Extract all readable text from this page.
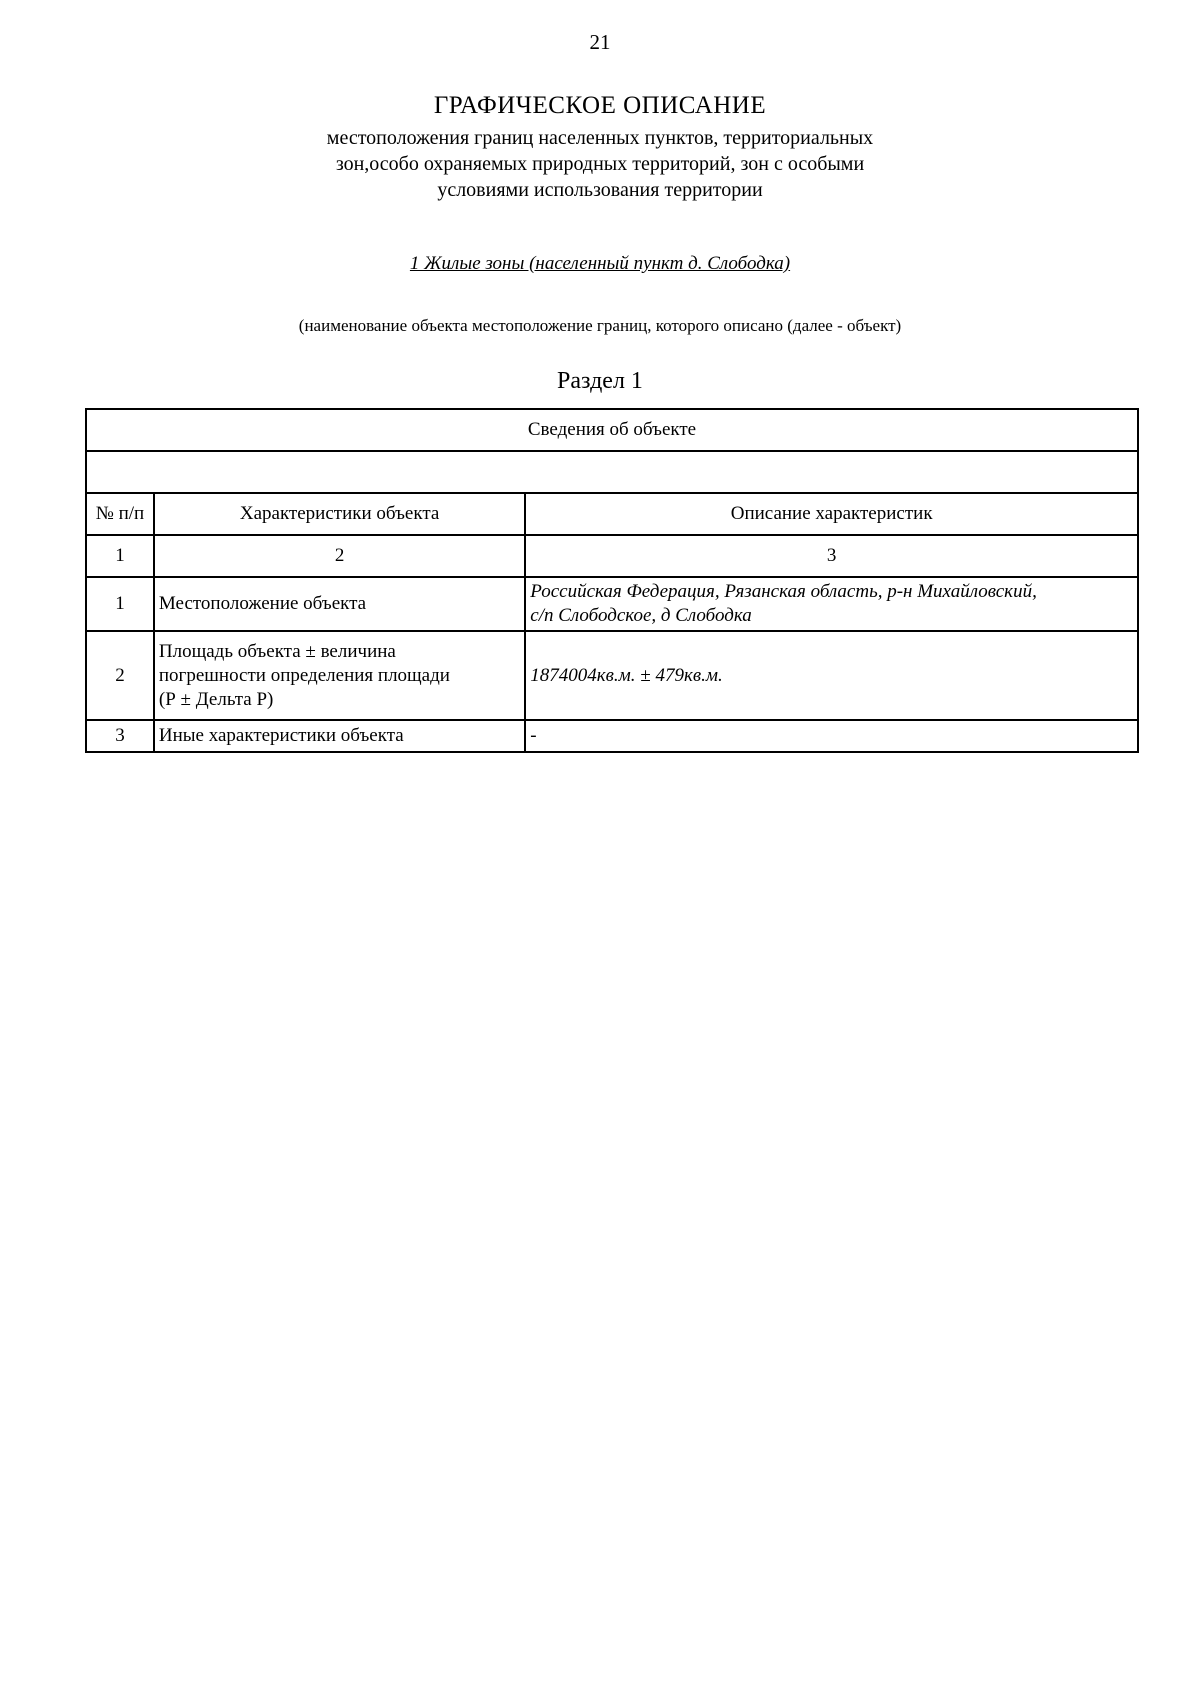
21
ГРАФИЧЕСКОЕ ОПИСАНИЕ
местоположения границ населенных пунктов, территориальных
зон,особо охраняемых природных территорий, зон с особыми
условиями использования территории
1 Жилые зоны (населенный пункт д. Слободка)
(наименование объекта местоположение границ, которого описано (далее - объект)
Раздел 1
Сведения об объекте		

№ п/п	Характеристики объекта	Описание характеристик
1	2	3
1	Местоположение объекта	Российская Федерация, Рязанская область, р-н Михайловский,
с/п Слободское, д Слободка

2	Площадь объекта ± величина
погрешности определения площади
(Р ± Дельта Р)	1874004кв.м. ± 479кв.м.

3	Иные характеристики объекта	-
